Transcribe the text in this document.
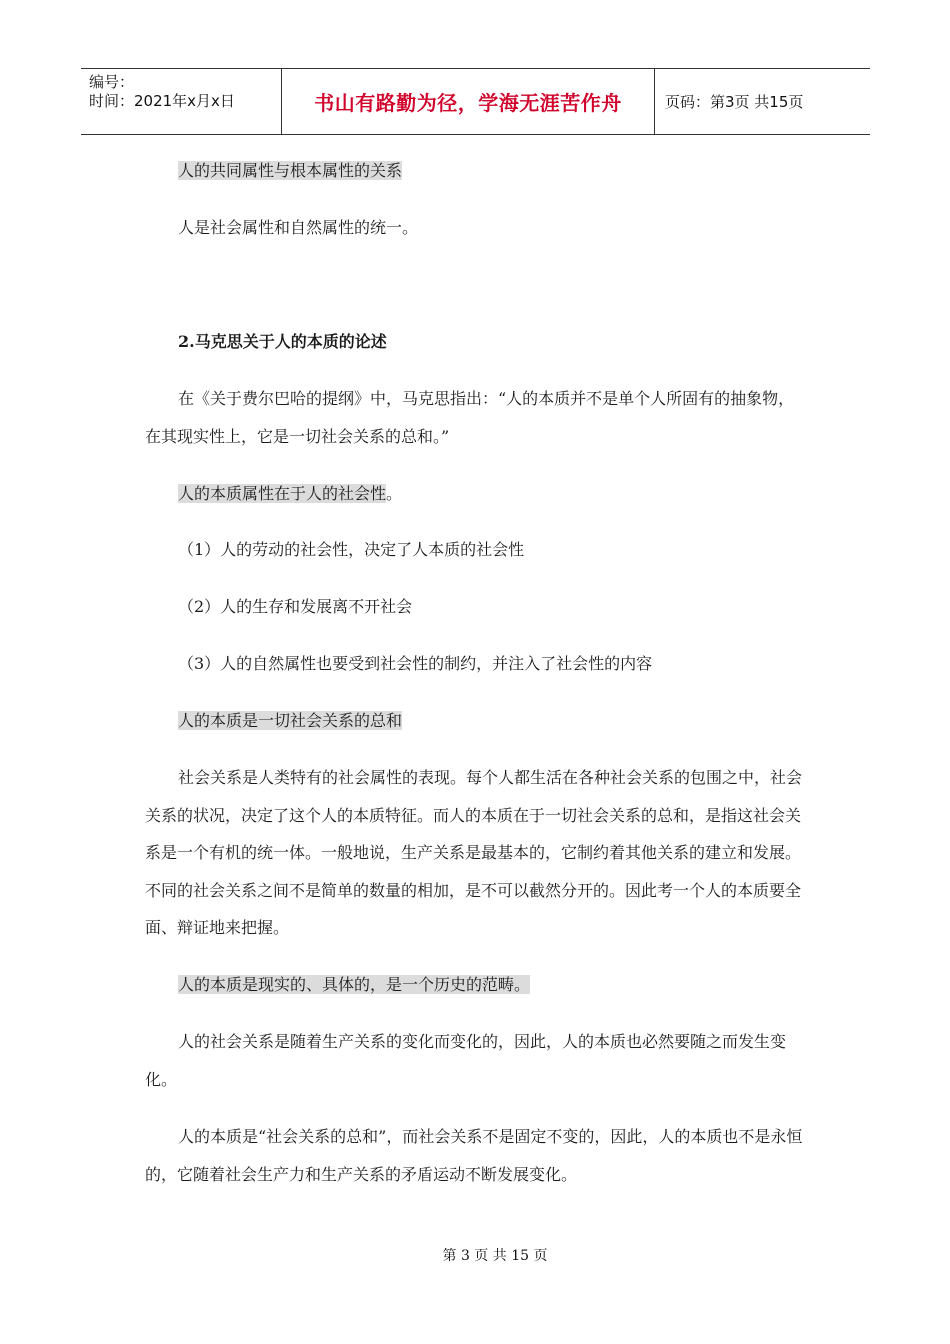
编号：
时间：2021年x月x日	书山有路勤为径，学海无涯苦作舟	页码：第3页 共15页

人的共同属性与根本属性的关系

人是社会属性和自然属性的统一。

2.马克思关于人的本质的论述

在《关于费尔巴哈的提纲》中，马克思指出：“人的本质并不是单个人所固有的抽象物，在其现实性上，它是一切社会关系的总和。”

人的本质属性在于人的社会性。

（1）人的劳动的社会性，决定了人本质的社会性

（2）人的生存和发展离不开社会

（3）人的自然属性也要受到社会性的制约，并注入了社会性的内容

人的本质是一切社会关系的总和

社会关系是人类特有的社会属性的表现。每个人都生活在各种社会关系的包围之中，社会关系的状况，决定了这个人的本质特征。而人的本质在于一切社会关系的总和，是指这社会关系是一个有机的统一体。一般地说，生产关系是最基本的，它制约着其他关系的建立和发展。不同的社会关系之间不是简单的数量的相加，是不可以截然分开的。因此考一个人的本质要全面、辩证地来把握。

人的本质是现实的、具体的，是一个历史的范畴。

人的社会关系是随着生产关系的变化而变化的，因此，人的本质也必然要随之而发生变化。

人的本质是“社会关系的总和”，而社会关系不是固定不变的，因此，人的本质也不是永恒的，它随着社会生产力和生产关系的矛盾运动不断发展变化。

第 3 页 共 15 页
